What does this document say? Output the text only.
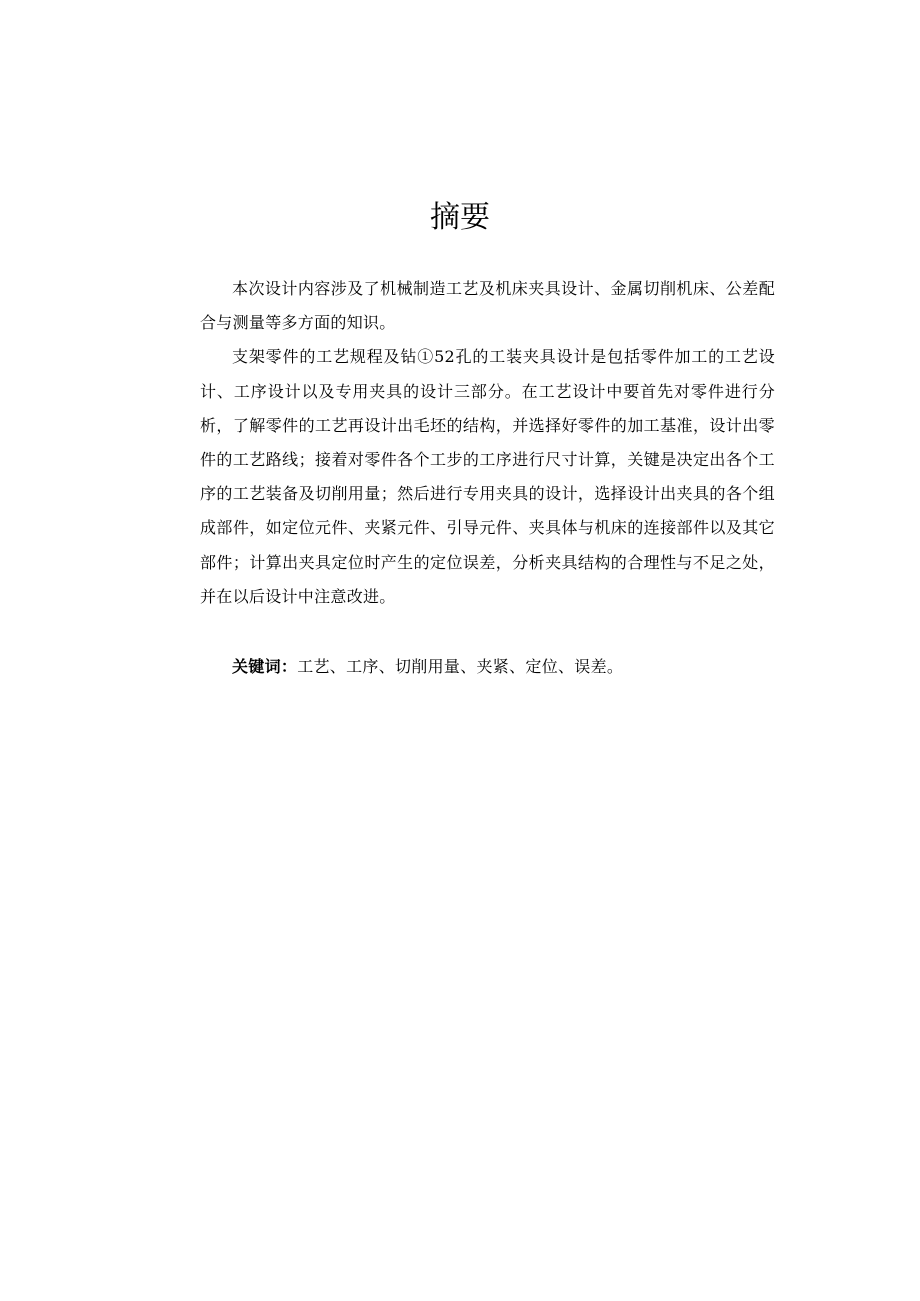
摘要

本次设计内容涉及了机械制造工艺及机床夹具设计、金属切削机床、公差配合与测量等多方面的知识。

支架零件的工艺规程及钻①52孔的工装夹具设计是包括零件加工的工艺设计、工序设计以及专用夹具的设计三部分。在工艺设计中要首先对零件进行分析，了解零件的工艺再设计出毛坯的结构，并选择好零件的加工基准，设计出零件的工艺路线；接着对零件各个工步的工序进行尺寸计算，关键是决定出各个工序的工艺装备及切削用量；然后进行专用夹具的设计，选择设计出夹具的各个组成部件，如定位元件、夹紧元件、引导元件、夹具体与机床的连接部件以及其它部件；计算出夹具定位时产生的定位误差，分析夹具结构的合理性与不足之处，并在以后设计中注意改进。

关键词：工艺、工序、切削用量、夹紧、定位、误差。
